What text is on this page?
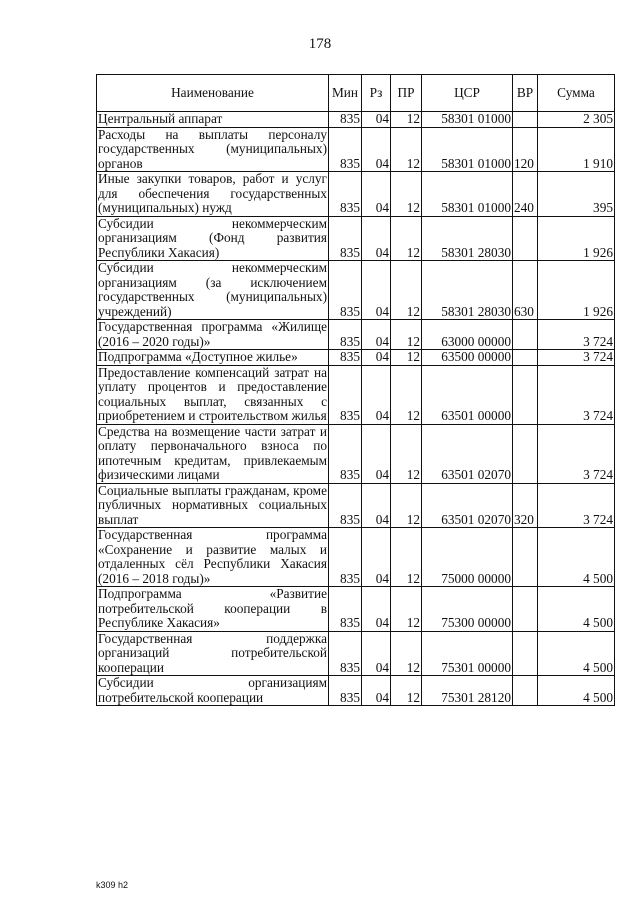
178
Наименование	Мин	Рз	ПР	ЦСР	ВР	Сумма
Центральный аппарат	835	04	12	58301 01000		2 305
Расходы на выплаты персоналу государственных (муниципальных) органов	835	04	12	58301 01000	120	1 910
Иные закупки товаров, работ и услуг для обеспечения государственных (муниципальных) нужд	835	04	12	58301 01000	240	395
Субсидии некоммерческим организациям (Фонд развития Республики Хакасия)	835	04	12	58301 28030		1 926
Субсидии некоммерческим организациям (за исключением государственных (муниципальных) учреждений)	835	04	12	58301 28030	630	1 926
Государственная программа «Жилище (2016 – 2020 годы)»	835	04	12	63000 00000		3 724
Подпрограмма «Доступное жилье»	835	04	12	63500 00000		3 724
Предоставление компенсаций затрат на уплату процентов и предоставление социальных выплат, связанных с приобретением и строительством жилья	835	04	12	63501 00000		3 724
Средства на возмещение части затрат и оплату первоначального взноса по ипотечным кредитам, привлекаемым физическими лицами	835	04	12	63501 02070		3 724
Социальные выплаты гражданам, кроме публичных нормативных социальных выплат	835	04	12	63501 02070	320	3 724
Государственная программа «Сохранение и развитие малых и отдаленных сёл Республики Хакасия (2016 – 2018 годы)»	835	04	12	75000 00000		4 500
Подпрограмма «Развитие потребительской кооперации в Республике Хакасия»	835	04	12	75300 00000		4 500
Государственная поддержка организаций потребительской кооперации	835	04	12	75301 00000		4 500
Субсидии организациям потребительской кооперации	835	04	12	75301 28120		4 500
k309 h2
